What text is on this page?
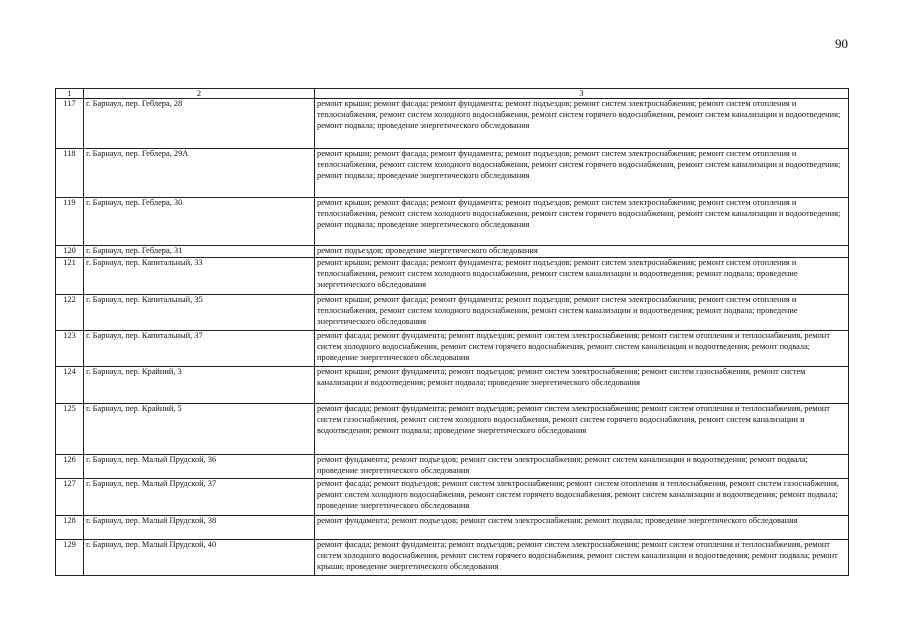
90
1	2	3
117	г. Барнаул, пер. Геблера, 28	ремонт крыши; ремонт фасада; ремонт фундамента; ремонт подъездов; ремонт систем электроснабжения; ремонт систем отопления и теплоснабжения, ремонт систем холодного водоснабжения, ремонт систем горячего водоснабжения, ремонт систем канализации и водоотведения; ремонт подвала; проведение энергетического обследования
118	г. Барнаул, пер. Геблера, 29А	ремонт крыши; ремонт фасада; ремонт фундамента; ремонт подъездов; ремонт систем электроснабжения; ремонт систем отопления и теплоснабжения, ремонт систем холодного водоснабжения, ремонт систем горячего водоснабжения, ремонт систем канализации и водоотведения; ремонт подвала; проведение энергетического обследования
119	г. Барнаул, пер. Геблера, 30	ремонт крыши; ремонт фасада; ремонт фундамента; ремонт подъездов; ремонт систем электроснабжения; ремонт систем отопления и теплоснабжения, ремонт систем холодного водоснабжения, ремонт систем горячего водоснабжения, ремонт систем канализации и водоотведения; ремонт подвала; проведение энергетического обследования
120	г. Барнаул, пер. Геблера, 31	ремонт подъездов; проведение энергетического обследования
121	г. Барнаул, пер. Капитальный, 33	ремонт крыши; ремонт фасада; ремонт фундамента; ремонт подъездов; ремонт систем электроснабжения; ремонт систем отопления и теплоснабжения, ремонт систем холодного водоснабжения, ремонт систем канализации и водоотведения; ремонт подвала; проведение энергетического обследования
122	г. Барнаул, пер. Капитальный, 35	ремонт крыши; ремонт фасада; ремонт фундамента; ремонт подъездов; ремонт систем электроснабжения; ремонт систем отопления и теплоснабжения, ремонт систем холодного водоснабжения, ремонт систем канализации и водоотведения; ремонт подвала; проведение энергетического обследования
123	г. Барнаул, пер. Капитальный, 37	ремонт фасада; ремонт фундамента; ремонт подъездов; ремонт систем электроснабжения; ремонт систем отопления и теплоснабжения, ремонт систем холодного водоснабжения, ремонт систем горячего водоснабжения, ремонт систем канализации и водоотведения; ремонт подвала; проведение энергетического обследования
124	г. Барнаул, пер. Крайний, 3	ремонт крыши; ремонт фундамента; ремонт подъездов; ремонт систем электроснабжения; ремонт систем газоснабжения, ремонт систем канализации и водоотведения; ремонт подвала; проведение энергетического обследования
125	г. Барнаул, пер. Крайний, 5	ремонт фасада; ремонт фундамента; ремонт подъездов; ремонт систем электроснабжения; ремонт систем отопления и теплоснабжения, ремонт систем газоснабжения, ремонт систем холодного водоснабжения, ремонт систем горячего водоснабжения, ремонт систем канализации и водоотведения; ремонт подвала; проведение энергетического обследования
126	г. Барнаул, пер. Малый Прудской, 36	ремонт фундамента; ремонт подъездов; ремонт систем электроснабжения; ремонт систем канализации и водоотведения; ремонт подвала; проведение энергетического обследования
127	г. Барнаул, пер. Малый Прудской, 37	ремонт фасада; ремонт подъездов; ремонт систем электроснабжения; ремонт систем отопления и теплоснабжения, ремонт систем газоснабжения, ремонт систем холодного водоснабжения, ремонт систем горячего водоснабжения, ремонт систем канализации и водоотведения; ремонт подвала; проведение энергетического обследования
128	г. Барнаул, пер. Малый Прудской, 38	ремонт фундамента; ремонт подъездов; ремонт систем электроснабжения; ремонт подвала; проведение энергетического обследования
129	г. Барнаул, пер. Малый Прудской, 40	ремонт фасада; ремонт фундамента; ремонт подъездов; ремонт систем электроснабжения; ремонт систем отопления и теплоснабжения, ремонт систем холодного водоснабжения, ремонт систем горячего водоснабжения, ремонт систем канализации и водоотведения; ремонт подвала; ремонт крыши; проведение энергетического обследования
